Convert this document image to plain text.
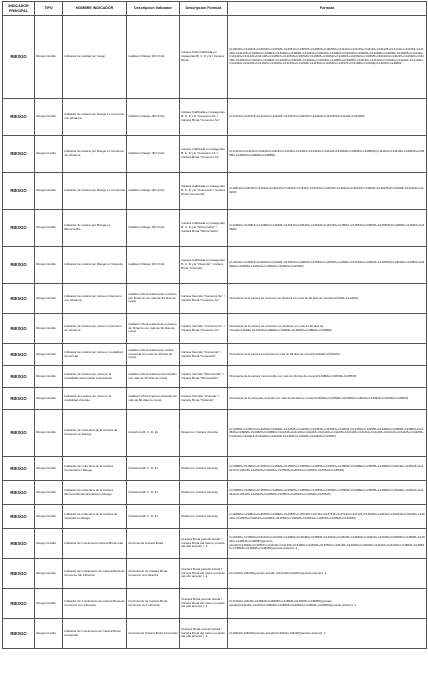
INDICADOR PRINCIPAL	TIPO	NOMBRE INDICADOR	Descripcion Indicador	Descripcion Formula	Formula
RIESGO	Riesgo Credito	Indicador de calidad por riesgo	Calidad x Riesgo (B,C,D,E)	Cartera Total Calificada en Categorias B, C, D y E / Cartera Bruta	(C140410+C140415+C140420+C140425+C140510+C140515+C140520+C140525+C141110+C141115+C141120+C141125+C141210+C141215+C141220+C141225+C140810+C140815+C140820+C140825+C140910+C140915+C140920+C140925+C140940+C140945+C140950+C140955+C141410+C141415+C141420+C141425+C140510+C140515+C140520+C140525+C140610+C140615+C140620+C140625+C140210+C140215+C140220+C140225+C140910+C140915+C140920+C140925+C140935+C140940+C140945+C140950+C140955+C141100+C141200+C141010+C141020+C141030+C141040+C141050+C141510+C141520+C141530+C141540+C141550+C141560+C141570+C141580+C141590)/C140000-C149800
RIESGO	Riesgo Credito	Indicador de cartera por Riesgo en Consumo con Libranza	Calidad x Riesgo (B,C,D,E)	Cartera Calificada en Categorias B, C, D y E "Consumo SL" / Cartera Bruta "Consumo SL"	(C141210+C141215+C141220+C141225+C144210+C144215+C144220+C144225)/(C141200+C144200)
RIESGO	Riesgo Credito	Indicador de cartera por Riesgo en Consumo sin Libranza	Calidad x Riesgo (B,C,D,E)	Cartera Calificada en Categorias B, C, D y E "Consumo CL" / Cartera Bruta "Consumo CL"	(C141110+C141115+C141120+C141125+C144110+C144115+C144120+C144125+C148940+C148945+C148950)/(C141100+C144100+C148930+C148935+C148940+C148945+C148950)
RIESGO	Riesgo Credito	Indicador de cartera por Riesgo en Comercial	Calidad x Riesgo (B,C,D,E)	Cartera Calificada en Categorias B, C, D y E "Comercial" / Cartera Bruta "Comercial"	(C140110+C140115+C140120+C140125+C146110+C146115+C146120+C146125+C146210+C146215+C146220+C146225)/(C140100+C146100+C146200)
RIESGO	Riesgo Credito	Indicador de cartera por Riesgo en Microcredito	Calidad x Riesgo (B,C,D,E)	Cartera Calificada en Categorias B, C, D y E "Microcredito" / Cartera Bruta "Microcredito"	(C144810+C144815+C144820+C144825+C145410+C145415+C145420+C145425+C145510+C145515+C145520+C145525)/(C144800+C145400+C145500)
RIESGO	Riesgo Credito	Indicador de cartera por Riesgo en Vivienda	Calidad x Riesgo (B,C,D,E)	Cartera Calificada en Categorias B, C, D y E "Vivienda" / Cartera Bruta "Vivienda"	(C140410+C140415+C140420+C140425+C140510+C140515+C140520+C140525+C146910+C146915+C146920+C146925)/(C140400+C140500+C146900+C146905+C146910+C146915+C146920+C146925)
RIESGO	Riesgo Credito	Indicador de cartera por mora en Consumo con Libranza	Calidad x Mora (cartera de consumo con libranza con más de 30 días de mora)	Cartera Vencida "Consumo SL" / Cartera Bruta "Consumo SL"	(Sumatoria de la cartera de consumo sin libranza con más de 30 días de mora)/(C141200+C144200)
RIESGO	Riesgo Credito	Indicador de cartera por mora en Consumo sin Libranza	Calidad x Mora (cartera de consumo sin libranza con más de 30 días de mora)	Cartera Vencida "Consumo CL" / Cartera Bruta "Consumo CL"	(Sumatoria de la cartera de consumo con libranza con más de 30 días de mora)/(C141100+C144100+C148930+C148935+C148940+C148945+C148950)
RIESGO	Riesgo Credito	Indicador de cartera por mora en modalidad Comercial	Calidad x Mora (cartera de cartera comercial con más de 30 días de mora)	Cartera Vencida "Comercial" / Cartera Bruta "Comercial"	(Sumatoria de la cartera comercial con más de 30 días de mora)/(C140100+C146200)
RIESGO	Riesgo Credito	Indicador de cartera por mora en la modalidad microcrédito empresarial	Calidad x Mora (cartera microcrédito con más de 30 días de mora)	Cartera Vencida "Microcredito" / Cartera Bruta "Microcredito"	(Sumatoria de la cartera microcrédito con más de 30 días de mora)/(C144800+C145400+C145500)
RIESGO	Riesgo Credito	Indicador de cartera por mora en la modalidad vivienda	Calidad x Mora (cartera vivienda con más de 60 días de mora)	Cartera Vencida "Vivienda" / Cartera Bruta "Vivienda"	(Sumatoria de la carterade vivienda con más de 60 días de mora)/(C140400+C140500+C146905+C146910+C146915+C146920+C146925)
RIESGO	Riesgo Credito	Indicador de Cobertura de la Cartera de Consumo en Riesgo	Cobertura (B, C, D, E)	Deterioro / Cartera Vencida	(C144505+C144510+C144515+C144520+C144525+C144530+C144535+C144540+C144545+C144550+C144555+C144560+C149805+C149810+C149815+C149820+C149825+C149830+C141205+C141210+C141215+C141220+C141225+C141105+C141110+C141115+C141120+C141125+C144205+C144210+C144215+C144220+C144225+C144935+C144940+C144945+C144950)
RIESGO	Riesgo Credito	Indicador de Cobertura de la Cartera Comercial en Riesgo	Cobertura (B, C, D, E)	Deterioro / Cartera Vencida	(C145805+C145810+C145815+C145820+C145825+C145830+C145835+C145840+C145845+C145850+C145855+C145860+C146120+C146125+C146215+C146220+C146225+C146320+C145505+C145510+C145515+C145520+C145525)
RIESGO	Riesgo Credito	Indicador de Cobertura de la Cartera Microcrédito Empresarial en Riesgo	Cobertura (B, C, D, E)	Deterioro / Cartera Vencida	(C145805+C145810+C145815+C145820+C145825+C145830+C145835+C145840+C145845+C145850+C145855+C145860+C145405+C145410+C145415+C145420+C145425+C145505+C145510+C145515+C145520+C145525)
RIESGO	Riesgo Credito	Indicador de Cobertura de la Cartera de Vivienda en Riesgo	Cobertura (B, C, D, E)	Deterioro / Cartera Vencida	(C140805+C140810+C140815+C140820+C140825+C147105+C147110+C147115+C147120+C147125+C140405+C140410+C140415+C140420+C140425+C140505+C140510+C140515+C140520+C140525+C146910+C146915+C146920+C146925)
RIESGO	Riesgo Credito	Indicador de Crecimiento Cartera Bruta total	Crecimiento Cartera Bruta	(Cartera Bruta periodo actual / Cartera Bruta del mismo periodo del año anterior ) -1	(C140400+C140500+C141100+C141200+C144800+C145400+C145500+C146100+C146200+C146900+C144100+C144200+C148930+C148935+C148940+C148945+C148950)(periodo actual)/(C140400+C140500+C141100+C141200+C144800+C145400+C145500+C146100+C146200+C146900+C144100+C144200+C148930+C148935+C148940+C148945+C148950)(periodo anterior) -1
RIESGO	Riesgo Credito	Indicador de Crecimiento de Cartera Bruta de Consumo Sin Libranza	Crecimiento de Cartera Bruta Consumo sin Libranza	(Cartera Bruta periodo Actual / Cartera Bruta del mismo periodo del año anterior ) -1	(C141200+144200)(periodo actual)/ (C141200+144200)(periodo anterior) -1
RIESGO	Riesgo Credito	Indicador de Crecimiento de Cartera Bruta de Consumo Con Libranza	Crecimiento de Cartera Bruta Consumo Con Libranza	(Cartera Bruta periodo Actual / Cartera Bruta del mismo periodo del año anterior ) -1	(C141100+144100+C148930+C148935+C148940+C148945+C148950)(periodo actual)/(C141100+144100+C148930+C148935+C148940+C148945+C148950)(periodo anterior) -1
RIESGO	Riesgo Credito	Indicador de Crecimiento de Cartera Bruta Comercial	Crecimiento Cartera Bruta Comercial	(Cartera Bruta periodo Actual / Cartera Bruta del mismo periodo del año anterior ) -1	(C146100+146200)(periodo actual)/(C146100+146200)(periodo anterior) -1
